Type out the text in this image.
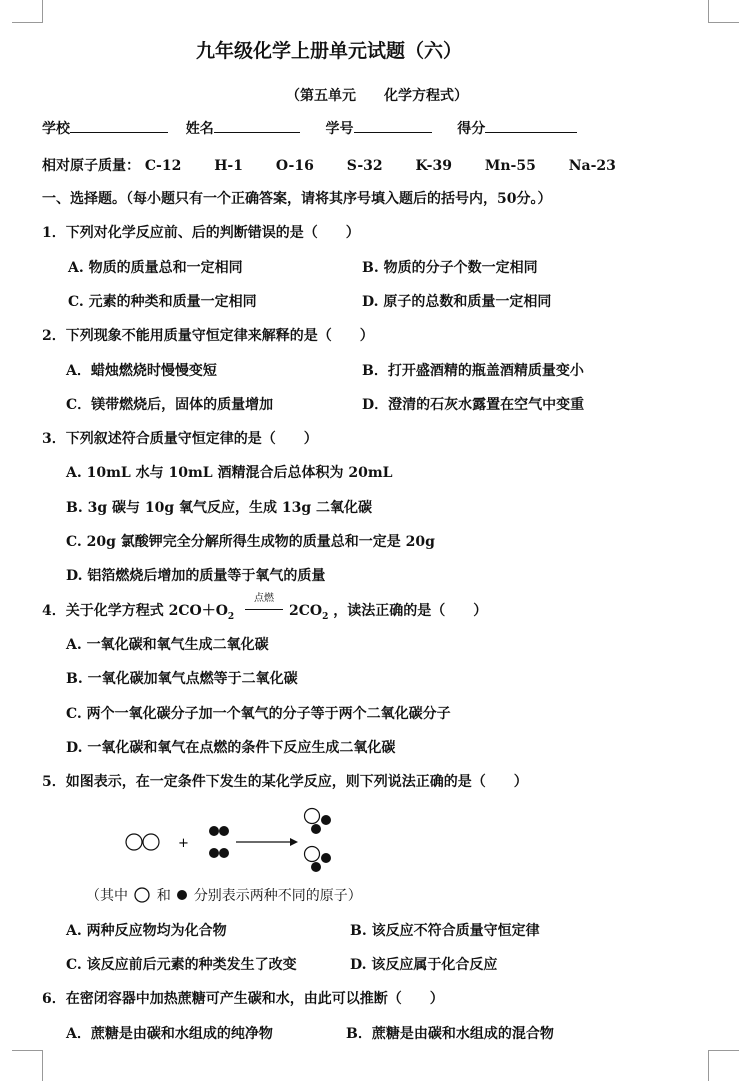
九年级化学上册单元试题（六）
（第五单元　　化学方程式）
学校	姓名	学号	得分
相对原子质量： C-12 H-1 O-16 S-32 K-39 Mn-55 Na-23
一、选择题。（每小题只有一个正确答案，请将其序号填入题后的括号内，50分。）
1．下列对化学反应前、后的判断错误的是（　　）
A. 物质的质量总和一定相同	B. 物质的分子个数一定相同
C. 元素的种类和质量一定相同	D. 原子的总数和质量一定相同
2．下列现象不能用质量守恒定律来解释的是（　　）
A．蜡烛燃烧时慢慢变短	B．打开盛酒精的瓶盖酒精质量变小
C．镁带燃烧后，固体的质量增加	D．澄清的石灰水露置在空气中变重
3．下列叙述符合质量守恒定律的是（　　）
A. 10mL 水与 10mL 酒精混合后总体积为 20mL
B. 3g 碳与 10g 氧气反应，生成 13g 二氧化碳
C. 20g 氯酸钾完全分解所得生成物的质量总和一定是 20g
D. 铝箔燃烧后增加的质量等于氧气的质量
4．关于化学方程式 $2CO+O_2$
点燃
$2CO_2$ ，读法正确的是（　　）
A. 一氧化碳和氧气生成二氧化碳
B. 一氧化碳加氧气点燃等于二氧化碳
C. 两个一氧化碳分子加一个氧气的分子等于两个二氧化碳分子
D. 一氧化碳和氧气在点燃的条件下反应生成二氧化碳
5．如图表示，在一定条件下发生的某化学反应，则下列说法正确的是（　　）
+
（其中 和 分别表示两种不同的原子）
A. 两种反应物均为化合物	B. 该反应不符合质量守恒定律
C. 该反应前后元素的种类发生了改变	D. 该反应属于化合反应
6．在密闭容器中加热蔗糖可产生碳和水，由此可以推断（　　）
A．蔗糖是由碳和水组成的纯净物	B．蔗糖是由碳和水组成的混合物
